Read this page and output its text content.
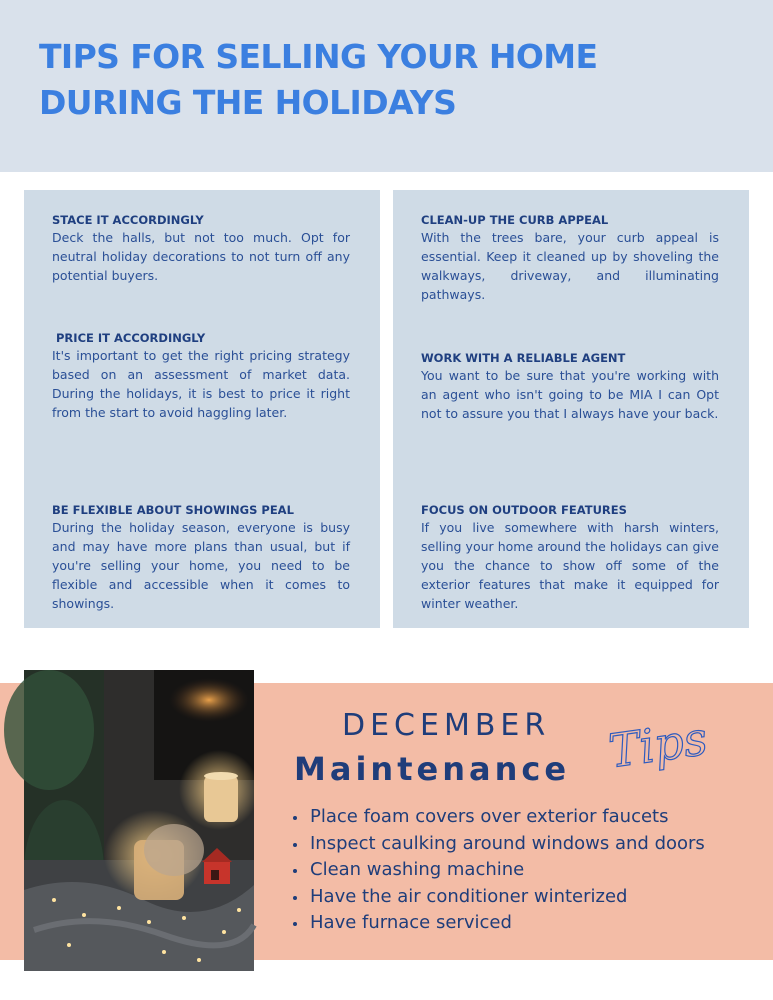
TIPS FOR SELLING YOUR HOME
DURING THE HOLIDAYS
STACE IT ACCORDINGLY
Deck the halls, but not too much. Opt for neutral holiday decorations to not turn off any potential buyers.
PRICE IT ACCORDINGLY
It's important to get the right pricing strategy based on an assessment of market data. During the holidays, it is best to price it right from the start to avoid haggling later.
BE FLEXIBLE ABOUT SHOWINGS PEAL
During the holiday season, everyone is busy and may have more plans than usual, but if you're selling your home, you need to be flexible and accessible when it comes to showings.
CLEAN-UP THE CURB APPEAL
With the trees bare, your curb appeal is essential. Keep it cleaned up by shoveling the walkways, driveway, and illuminating pathways.
WORK WITH A RELIABLE AGENT
You want to be sure that you're working with an agent who isn't going to be MIA I can Opt not to assure you that I always have your back.
FOCUS ON OUTDOOR FEATURES
If you live somewhere with harsh winters, selling your home around the holidays can give you the chance to show off some of the exterior features that make it equipped for winter weather.
DECEMBER
Maintenance Tips
Place foam covers over exterior faucets
Inspect caulking around windows and doors
Clean washing machine
Have the air conditioner winterized
Have furnace serviced
